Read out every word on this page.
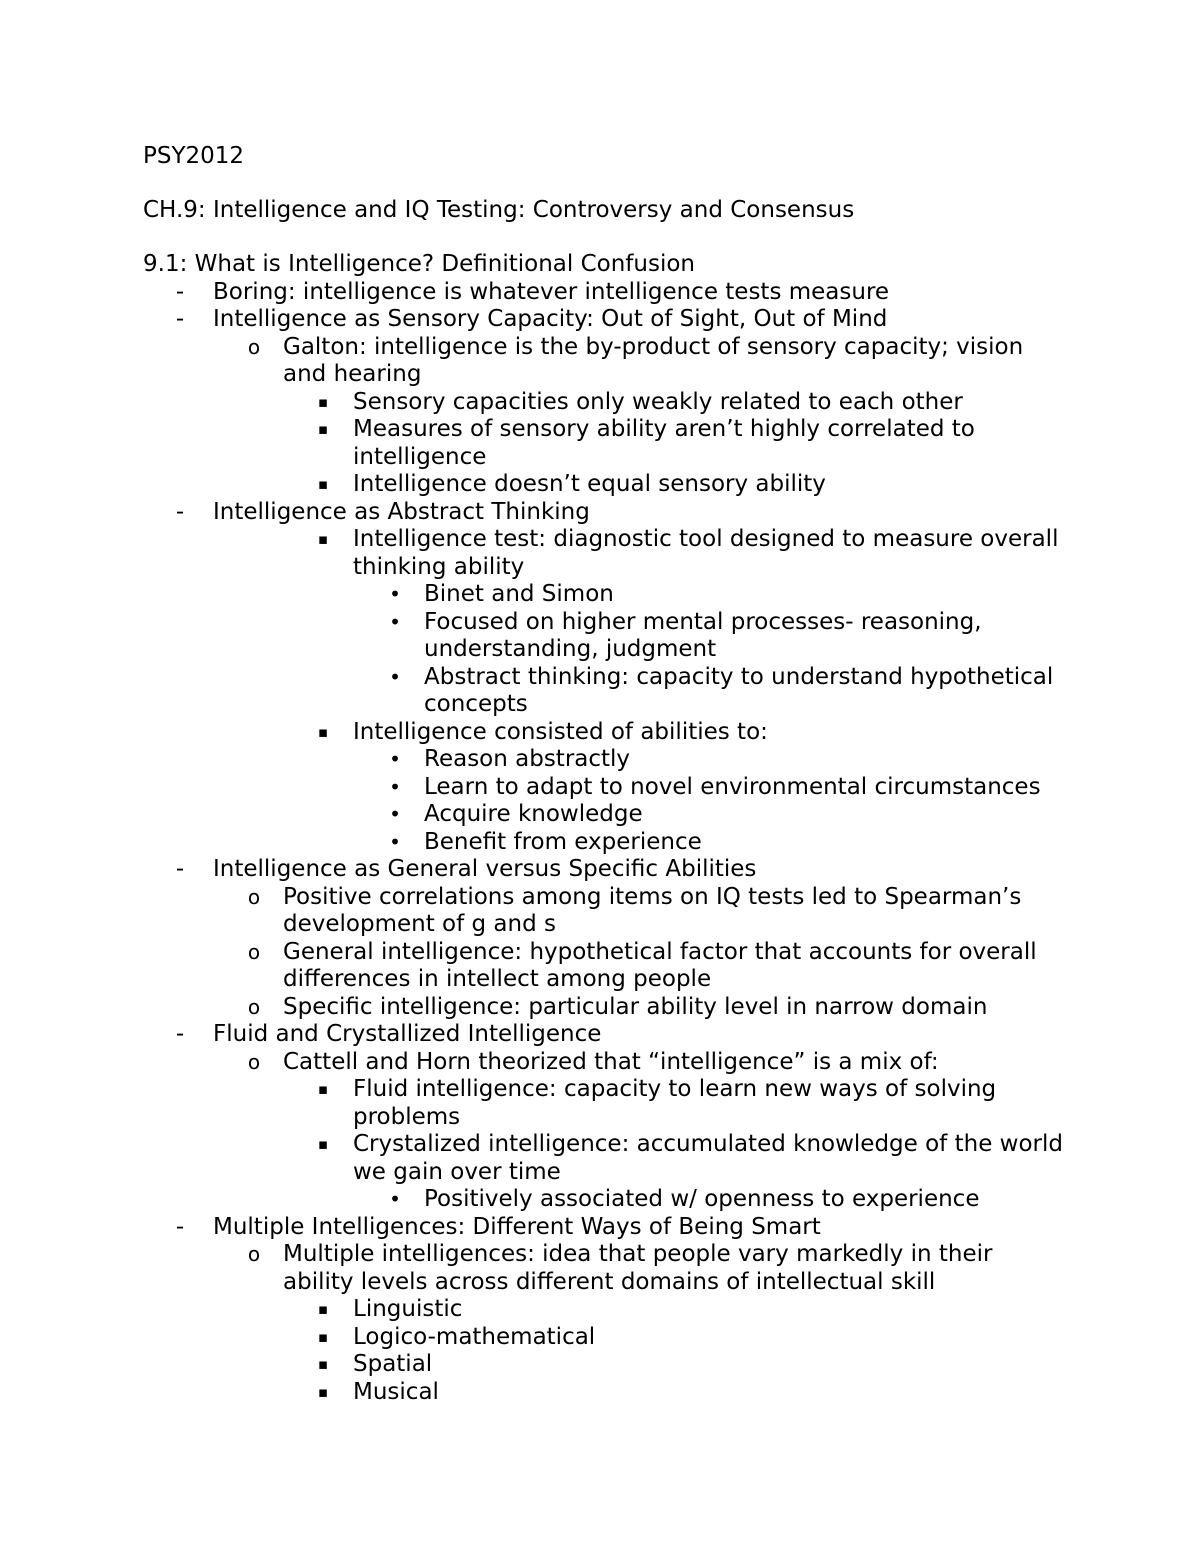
PSY2012

CH.9: Intelligence and IQ Testing: Controversy and Consensus

9.1: What is Intelligence? Definitional Confusion

- Boring: intelligence is whatever intelligence tests measure
- Intelligence as Sensory Capacity: Out of Sight, Out of Mind
o Galton: intelligence is the by-product of sensory capacity; vision and hearing
▪ Sensory capacities only weakly related to each other
▪ Measures of sensory ability aren’t highly correlated to intelligence
▪ Intelligence doesn’t equal sensory ability
- Intelligence as Abstract Thinking
▪ Intelligence test: diagnostic tool designed to measure overall thinking ability
• Binet and Simon
• Focused on higher mental processes- reasoning, understanding, judgment
• Abstract thinking: capacity to understand hypothetical concepts
▪ Intelligence consisted of abilities to:
• Reason abstractly
• Learn to adapt to novel environmental circumstances
• Acquire knowledge
• Benefit from experience
- Intelligence as General versus Specific Abilities
o Positive correlations among items on IQ tests led to Spearman’s development of g and s
o General intelligence: hypothetical factor that accounts for overall differences in intellect among people
o Specific intelligence: particular ability level in narrow domain
- Fluid and Crystallized Intelligence
o Cattell and Horn theorized that “intelligence” is a mix of:
▪ Fluid intelligence: capacity to learn new ways of solving problems
▪ Crystalized intelligence: accumulated knowledge of the world we gain over time
• Positively associated w/ openness to experience
- Multiple Intelligences: Different Ways of Being Smart
o Multiple intelligences: idea that people vary markedly in their ability levels across different domains of intellectual skill
▪ Linguistic
▪ Logico-mathematical
▪ Spatial
▪ Musical
